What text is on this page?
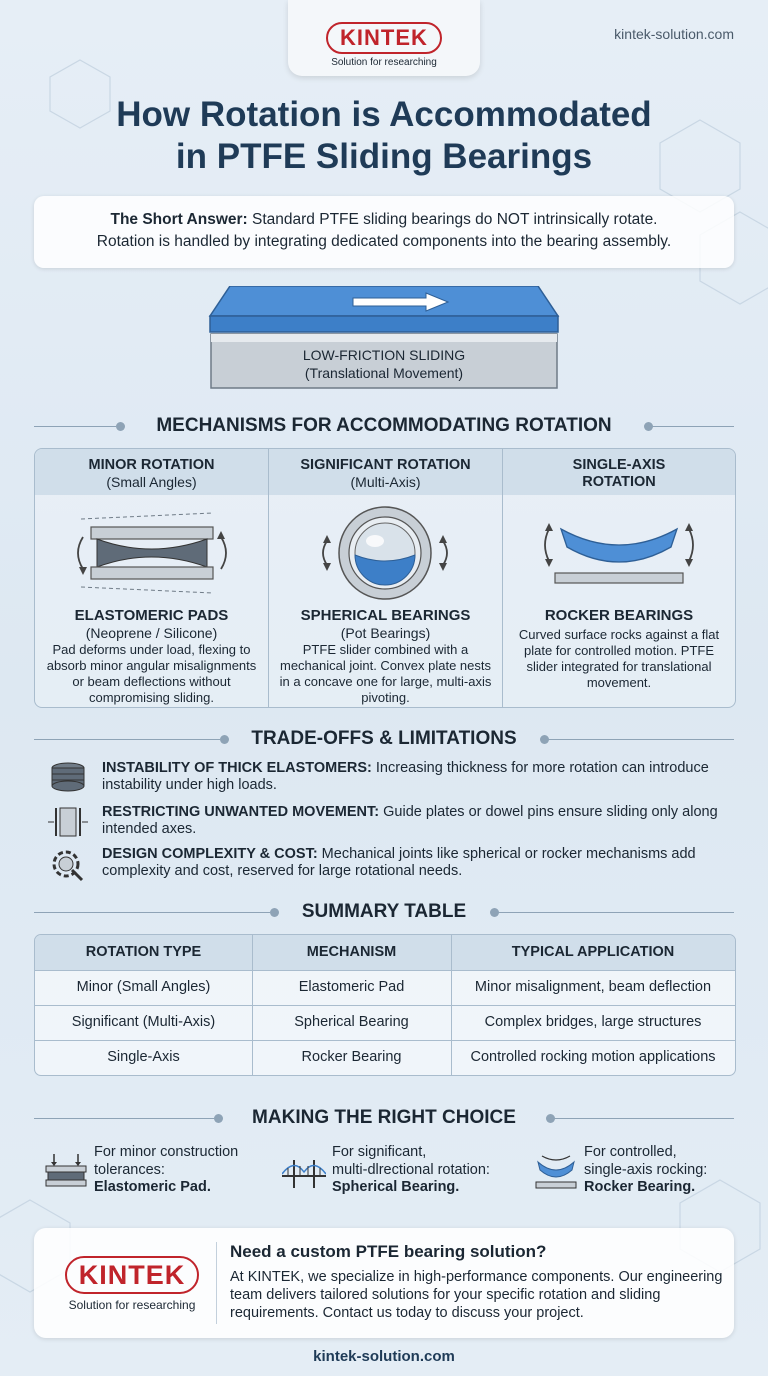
KINTEK
Solution for researching
kintek-solution.com
How Rotation is Accommodated
in PTFE Sliding Bearings
The Short Answer: Standard PTFE sliding bearings do NOT intrinsically rotate.
Rotation is handled by integrating dedicated components into the bearing assembly.
LOW-FRICTION SLIDING
(Translational Movement)
MECHANISMS FOR ACCOMMODATING ROTATION
MINOR ROTATION
(Small Angles)
ELASTOMERIC PADS
(Neoprene / Silicone)
Pad deforms under load, flexing to absorb minor angular misalignments or beam deflections without compromising sliding.
SIGNIFICANT ROTATION
(Multi-Axis)
SPHERICAL BEARINGS
(Pot Bearings)
PTFE slider combined with a mechanical joint. Convex plate nests in a concave one for large, multi-axis pivoting.
SINGLE-AXIS
ROTATION
ROCKER BEARINGS
Curved surface rocks against a flat plate for controlled motion. PTFE slider integrated for translational movement.
TRADE-OFFS & LIMITATIONS
INSTABILITY OF THICK ELASTOMERS: Increasing thickness for more rotation can introduce instability under high loads.
RESTRICTING UNWANTED MOVEMENT: Guide plates or dowel pins ensure sliding only along intended axes.
DESIGN COMPLEXITY & COST: Mechanical joints like spherical or rocker mechanisms add complexity and cost, reserved for large rotational needs.
SUMMARY TABLE
ROTATION TYPE	MECHANISM	TYPICAL APPLICATION
Minor (Small Angles)	Elastomeric Pad	Minor misalignment, beam deflection
Significant (Multi-Axis)	Spherical Bearing	Complex bridges, large structures
Single-Axis	Rocker Bearing	Controlled rocking motion applications
MAKING THE RIGHT CHOICE
For minor construction
tolerances:
Elastomeric Pad.
For significant,
multi-dlrectional rotation:
Spherical Bearing.
For controlled,
single-axis rocking:
Rocker Bearing.
KINTEK
Solution for researching
Need a custom PTFE bearing solution?
At KINTEK, we specialize in high-performance components. Our engineering team delivers tailored solutions for your specific rotation and sliding requirements. Contact us today to discuss your project.
kintek-solution.com
